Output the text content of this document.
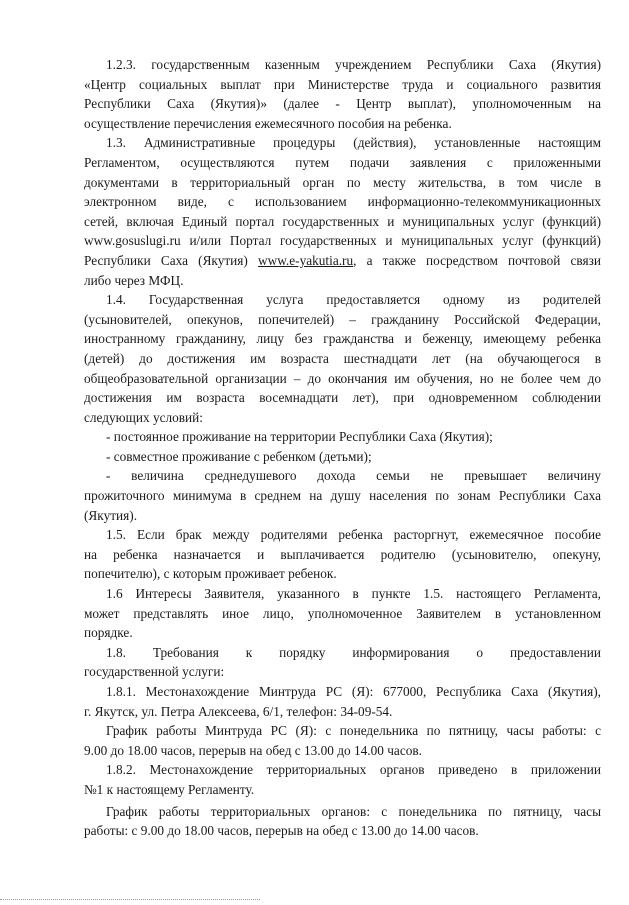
1.2.3. государственным казенным учреждением Республики Саха (Якутия)
«Центр социальных выплат при Министерстве труда и социального развития
Республики Саха (Якутия)» (далее - Центр выплат), уполномоченным на
осуществление перечисления ежемесячного пособия на ребенка.
1.3. Административные процедуры (действия), установленные настоящим
Регламентом, осуществляются путем подачи заявления с приложенными
документами в территориальный орган по месту жительства, в том числе в
электронном виде, с использованием информационно-телекоммуникационных
сетей, включая Единый портал государственных и муниципальных услуг (функций)
www.gosuslugi.ru и/или Портал государственных и муниципальных услуг (функций)
Республики Саха (Якутия) www.e-yakutia.ru, а также посредством почтовой связи
либо через МФЦ.
1.4. Государственная услуга предоставляется одному из родителей
(усыновителей, опекунов, попечителей) – гражданину Российской Федерации,
иностранному гражданину, лицу без гражданства и беженцу, имеющему ребенка
(детей) до достижения им возраста шестнадцати лет (на обучающегося в
общеобразовательной организации – до окончания им обучения, но не более чем до
достижения им возраста восемнадцати лет), при одновременном соблюдении
следующих условий:
- постоянное проживание на территории Республики Саха (Якутия);
- совместное проживание с ребенком (детьми);
- величина среднедушевого дохода семьи не превышает величину
прожиточного минимума в среднем на душу населения по зонам Республики Саха
(Якутия).
1.5. Если брак между родителями ребенка расторгнут, ежемесячное пособие
на ребенка назначается и выплачивается родителю (усыновителю, опекуну,
попечителю), с которым проживает ребенок.
1.6 Интересы Заявителя, указанного в пункте 1.5. настоящего Регламента,
может представлять иное лицо, уполномоченное Заявителем в установленном
порядке.
1.8. Требования к порядку информирования о предоставлении
государственной услуги:
1.8.1. Местонахождение Минтруда РС (Я): 677000, Республика Саха (Якутия),
г. Якутск, ул. Петра Алексеева, 6/1, телефон: 34-09-54.
График работы Минтруда РС (Я): с понедельника по пятницу, часы работы: с
9.00 до 18.00 часов, перерыв на обед с 13.00 до 14.00 часов.
1.8.2. Местонахождение территориальных органов приведено в приложении
№1 к настоящему Регламенту.
График работы территориальных органов: с понедельника по пятницу, часы
работы: с 9.00 до 18.00 часов, перерыв на обед с 13.00 до 14.00 часов.
